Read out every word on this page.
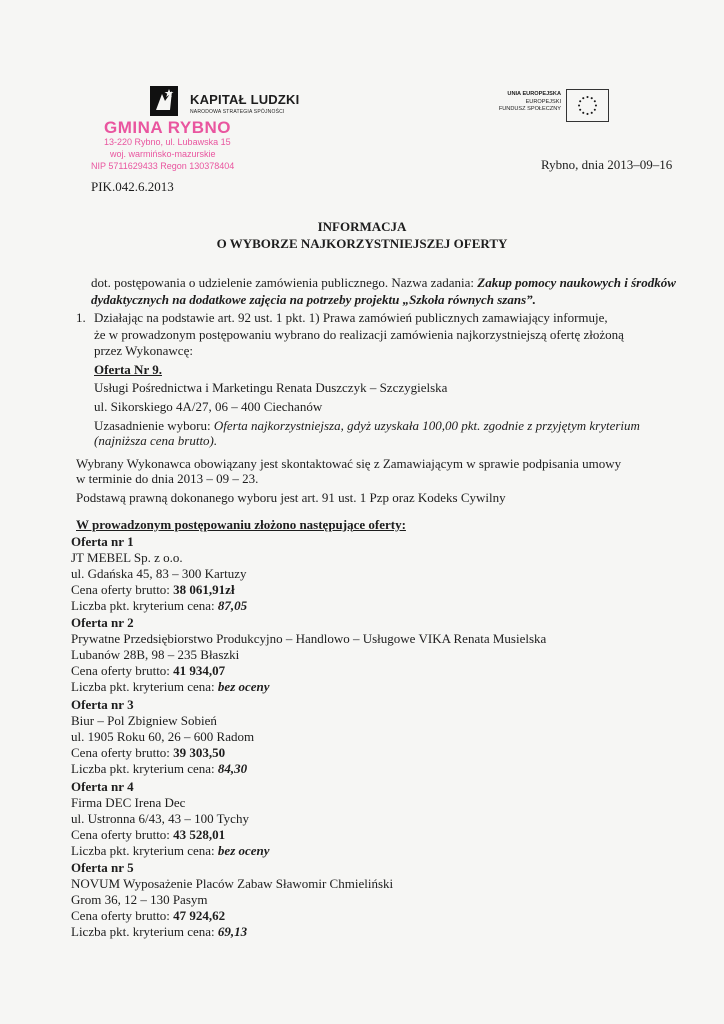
KAPITAŁ LUDZKI
NARODOWA STRATEGIA SPÓJNOŚCI
UNIA EUROPEJSKA
EUROPEJSKI
FUNDUSZ SPOŁECZNY
GMINA RYBNO
13-220 Rybno, ul. Lubawska 15
woj. warmińsko-mazurskie
NIP 5711629433 Regon 130378404
PIK.042.6.2013
Rybno, dnia 2013–09–16
INFORMACJA
O WYBORZE NAJKORZYSTNIEJSZEJ OFERTY
dot. postępowania o udzielenie zamówienia publicznego. Nazwa zadania: Zakup pomocy naukowych i środków
dydaktycznych na dodatkowe zajęcia na potrzeby projektu „Szkoła równych szans”.
1. Działając na podstawie art. 92 ust. 1 pkt. 1) Prawa zamówień publicznych zamawiający informuje,
że w prowadzonym postępowaniu wybrano do realizacji zamówienia najkorzystniejszą ofertę złożoną
przez Wykonawcę:
Oferta Nr 9.
Usługi Pośrednictwa i Marketingu Renata Duszczyk – Szczygielska
ul. Sikorskiego 4A/27, 06 – 400 Ciechanów
Uzasadnienie wyboru: Oferta najkorzystniejsza, gdyż uzyskała 100,00 pkt. zgodnie z przyjętym kryterium
(najniższa cena brutto).
Wybrany Wykonawca obowiązany jest skontaktować się z Zamawiającym w sprawie podpisania umowy
w terminie do dnia 2013 – 09 – 23.
Podstawą prawną dokonanego wyboru jest art. 91 ust. 1 Pzp oraz Kodeks Cywilny
W prowadzonym postępowaniu złożono następujące oferty:
Oferta nr 1
JT MEBEL Sp. z o.o.
ul. Gdańska 45, 83 – 300 Kartuzy
Cena oferty brutto: 38 061,91zł
Liczba pkt. kryterium cena: 87,05
Oferta nr 2
Prywatne Przedsiębiorstwo Produkcyjno – Handlowo – Usługowe VIKA Renata Musielska
Lubanów 28B, 98 – 235 Błaszki
Cena oferty brutto: 41 934,07
Liczba pkt. kryterium cena: bez oceny
Oferta nr 3
Biur – Pol Zbigniew Sobień
ul. 1905 Roku 60, 26 – 600 Radom
Cena oferty brutto: 39 303,50
Liczba pkt. kryterium cena: 84,30
Oferta nr 4
Firma DEC Irena Dec
ul. Ustronna 6/43, 43 – 100 Tychy
Cena oferty brutto: 43 528,01
Liczba pkt. kryterium cena: bez oceny
Oferta nr 5
NOVUM Wyposażenie Placów Zabaw Sławomir Chmieliński
Grom 36, 12 – 130 Pasym
Cena oferty brutto: 47 924,62
Liczba pkt. kryterium cena: 69,13
